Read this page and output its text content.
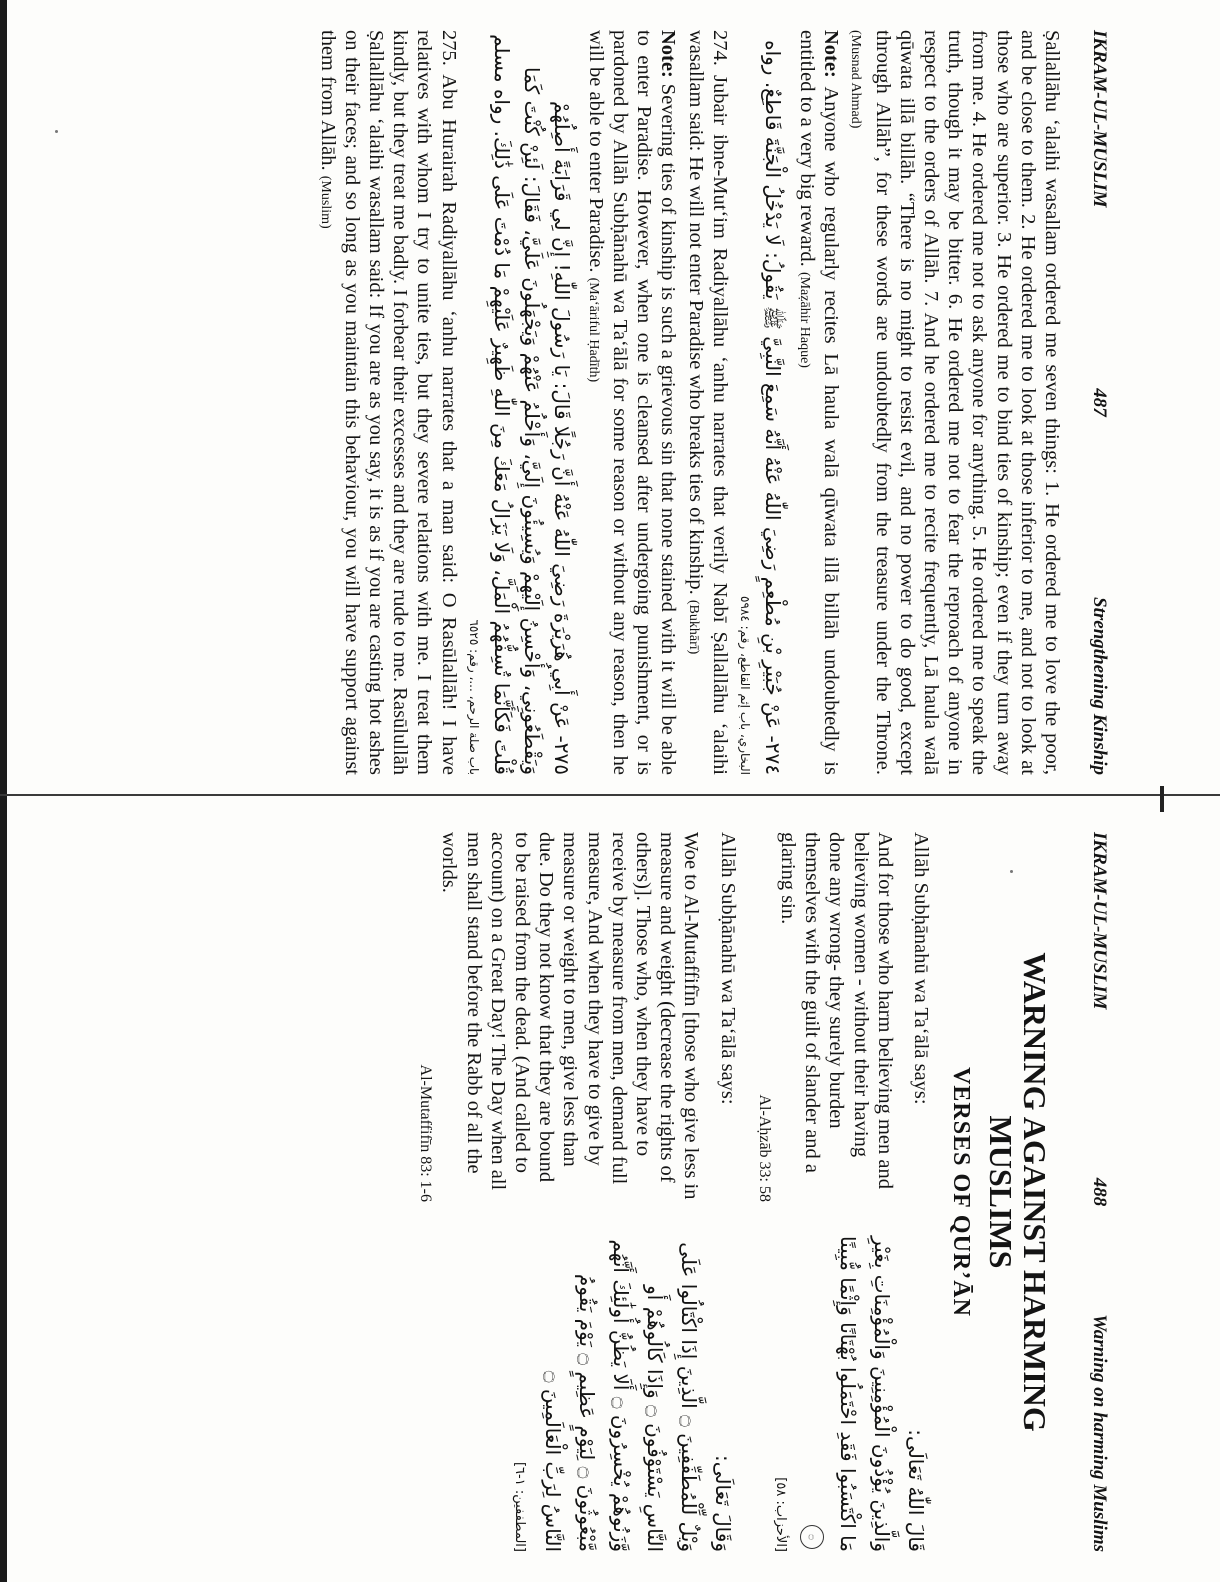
IKRAM-UL-MUSLIM
487
Strengthening Kinship

Ṣallallāhu ‘alaihi wasallam ordered me seven things: 1. He ordered me to love the poor, and be close to them. 2. He ordered me to look at those inferior to me, and not to look at those who are superior. 3. He ordered me to bind ties of kinship; even if they turn away from me. 4. He ordered me not to ask anyone for anything. 5. He ordered me to speak the truth, though it may be bitter. 6. He ordered me not to fear the reproach of anyone in respect to the orders of Allāh. 7. And he ordered me to recite frequently, Lā haula walā qūwata illā billāh. “There is no might to resist evil, and no power to do good, except through Allāh”, for these words are undoubtedly from the treasure under the Throne. (Musnad Ahmad)

Note: Anyone who regularly recites Lā haula walā qūwata illā billāh undoubtedly is entitled to a very big reward. (Maẓāhir Haque)

٢٧٤- عَنْ جُبَيْرِ بْنِ مُطْعِمٍ رَضِيَ اللّٰهُ عَنْهُ أَنَّهُ سَمِعَ النَّبِيَّ ﷺ يَقُولُ: لَا يَدْخُلُ الْجَنَّةَ قَاطِعٌ. رواه

البخاري، باب إثم القاطع، رقم: ٥٩٨٤

274. Jubair ibne-Mut‘im Radiyallāhu ‘anhu narrates that verily Nabī Ṣallallāhu ‘alaihi wasallam said: He will not enter Paradise who breaks ties of kinship. (Bukhārī)

Note: Severing ties of kinship is such a grievous sin that none stained with it will be able to enter Paradise. However, when one is cleansed after undergoing punishment, or is pardoned by Allāh Subḥānahū wa Ta‘ālā for some reason or without any reason, then he will be able to enter Paradise. (Ma‘āriful Ḥadīth)

٢٧٥- عَنْ أَبِي هُرَيْرَةَ رَضِيَ اللّٰهُ عَنْهُ أَنَّ رَجُلًا قَالَ: يَا رَسُولَ اللّٰهِ! إِنَّ لِي قَرَابَةً أَصِلُهُمْ وَيَقْطَعُونِي، وَأُحْسِنُ إِلَيْهِمْ وَيُسِيئُونَ إِلَيَّ، وَأَحْلُمُ عَنْهُمْ وَيَجْهَلُونَ عَلَيَّ، فَقَالَ: لَئِنْ كُنْتَ كَمَا قُلْتَ فَكَأَنَّمَا تُسِفُّهُمُ الْمَلَّ، وَلَا يَزَالُ مَعَكَ مِنَ اللّٰهِ ظَهِيرٌ عَلَيْهِمْ مَا دُمْتَ عَلَى ذَٰلِكَ. رواه مسلم

باب صلة الرحم، ...، رقم: ٦٥٢٥

275. Abu Hurairah Radiyallāhu ‘anhu narrates that a man said: O Rasūlallāh! I have relatives with whom I try to unite ties, but they severe relations with me. I treat them kindly, but they treat me badly. I forbear their excesses and they are rude to me. Rasūlullāh Ṣallallāhu ‘alaihi wasallam said: If you are as you say, it is as if you are casting hot ashes on their faces; and so long as you maintain this behaviour, you will have support against them from Allāh. (Muslim)

IKRAM-UL-MUSLIM
488
Warning on harming Muslims
WARNING AGAINST HARMING
MUSLIMS
VERSES OF QUR’ĀN
Allāh Subḥānahū wa Ta‘ālā says:
And for those who harm believing men and believing women - without their having done any wrong- they surely burden themselves with the guilt of slander and a glaring sin.
Al-Aḥzāb 33: 58
قَالَ اللّٰهُ تَعَالَى:
وَالَّذِينَ يُؤْذُونَ الْمُؤْمِنِينَ وَالْمُؤْمِنَاتِ بِغَيْرِ مَا اكْتَسَبُوا فَقَدِ احْتَمَلُوا بُهْتَانًا وَإِثْمًا مُّبِينًا۝
[الأحزاب: ٥٨]
Allāh Subḥānahū wa Ta‘ālā says:
Woe to Al-Mutaffifīn [those who give less in measure and weight (decrease the rights of others)]. Those who, when they have to receive by measure from men, demand full measure, And when they have to give by measure or weight to men, give less than due. Do they not know that they are bound to be raised from the dead. (And called to account) on a Great Day! The Day when all men shall stand before the Rabb of all the worlds.
Al-Mutaffifīn 83: 1-6
وَقَالَ تَعَالَى:
وَيْلٌ لِّلْمُطَفِّفِينَ ۝ الَّذِينَ إِذَا اكْتَالُوا عَلَى النَّاسِ يَسْتَوْفُونَ ۝ وَإِذَا كَالُوهُمْ أَو وَّزَنُوهُمْ يُخْسِرُونَ ۝ أَلَا يَظُنُّ أُولَٰئِكَ أَنَّهُم مَّبْعُوثُونَ ۝ لِيَوْمٍ عَظِيمٍ ۝ يَوْمَ يَقُومُ النَّاسُ لِرَبِّ الْعَالَمِينَ ۝
[المطففين: ١-٦]
